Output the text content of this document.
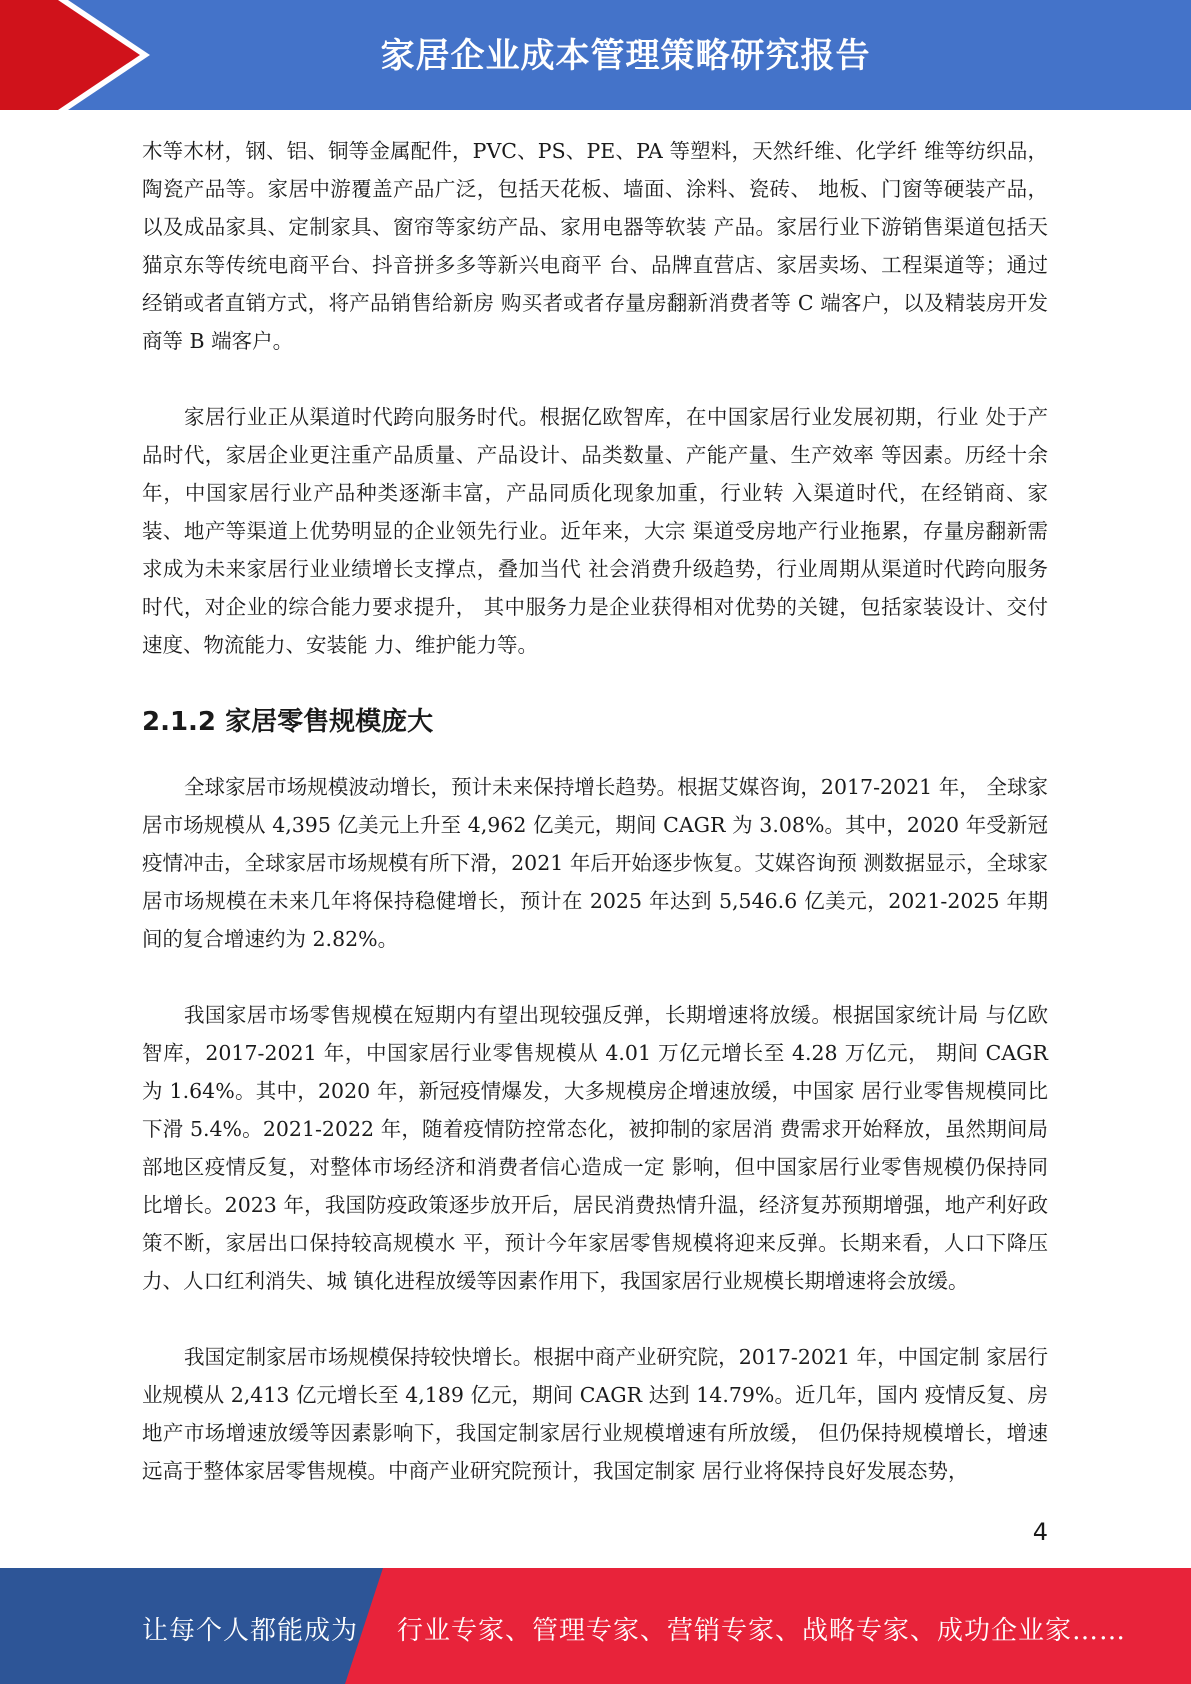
家居企业成本管理策略研究报告

木等木材，钢、铝、铜等金属配件，PVC、PS、PE、PA 等塑料，天然纤维、化学纤 维等纺织品，陶瓷产品等。家居中游覆盖产品广泛，包括天花板、墙面、涂料、瓷砖、 地板、门窗等硬装产品，以及成品家具、定制家具、窗帘等家纺产品、家用电器等软装 产品。家居行业下游销售渠道包括天猫京东等传统电商平台、抖音拼多多等新兴电商平 台、品牌直营店、家居卖场、工程渠道等；通过经销或者直销方式，将产品销售给新房 购买者或者存量房翻新消费者等 C 端客户，以及精装房开发商等 B 端客户。

家居行业正从渠道时代跨向服务时代。根据亿欧智库，在中国家居行业发展初期，行业 处于产品时代，家居企业更注重产品质量、产品设计、品类数量、产能产量、生产效率 等因素。历经十余年，中国家居行业产品种类逐渐丰富，产品同质化现象加重，行业转 入渠道时代，在经销商、家装、地产等渠道上优势明显的企业领先行业。近年来，大宗 渠道受房地产行业拖累，存量房翻新需求成为未来家居行业业绩增长支撑点，叠加当代 社会消费升级趋势，行业周期从渠道时代跨向服务时代，对企业的综合能力要求提升， 其中服务力是企业获得相对优势的关键，包括家装设计、交付速度、物流能力、安装能 力、维护能力等。

2.1.2 家居零售规模庞大

全球家居市场规模波动增长，预计未来保持增长趋势。根据艾媒咨询，2017-2021 年， 全球家居市场规模从 4,395 亿美元上升至 4,962 亿美元，期间 CAGR 为 3.08%。其中，2020 年受新冠疫情冲击，全球家居市场规模有所下滑，2021 年后开始逐步恢复。艾媒咨询预 测数据显示，全球家居市场规模在未来几年将保持稳健增长，预计在 2025 年达到 5,546.6 亿美元，2021-2025 年期间的复合增速约为 2.82%。

我国家居市场零售规模在短期内有望出现较强反弹，长期增速将放缓。根据国家统计局 与亿欧智库，2017-2021 年，中国家居行业零售规模从 4.01 万亿元增长至 4.28 万亿元， 期间 CAGR 为 1.64%。其中，2020 年，新冠疫情爆发，大多规模房企增速放缓，中国家 居行业零售规模同比下滑 5.4%。2021-2022 年，随着疫情防控常态化，被抑制的家居消 费需求开始释放，虽然期间局部地区疫情反复，对整体市场经济和消费者信心造成一定 影响，但中国家居行业零售规模仍保持同比增长。2023 年，我国防疫政策逐步放开后，居民消费热情升温，经济复苏预期增强，地产利好政策不断，家居出口保持较高规模水 平，预计今年家居零售规模将迎来反弹。长期来看，人口下降压力、人口红利消失、城 镇化进程放缓等因素作用下，我国家居行业规模长期增速将会放缓。

我国定制家居市场规模保持较快增长。根据中商产业研究院，2017-2021 年，中国定制 家居行业规模从 2,413 亿元增长至 4,189 亿元，期间 CAGR 达到 14.79%。近几年，国内 疫情反复、房地产市场增速放缓等因素影响下，我国定制家居行业规模增速有所放缓， 但仍保持规模增长，增速远高于整体家居零售规模。中商产业研究院预计，我国定制家 居行业将保持良好发展态势，

4
让每个人都能成为 行业专家、管理专家、营销专家、战略专家、成功企业家……
